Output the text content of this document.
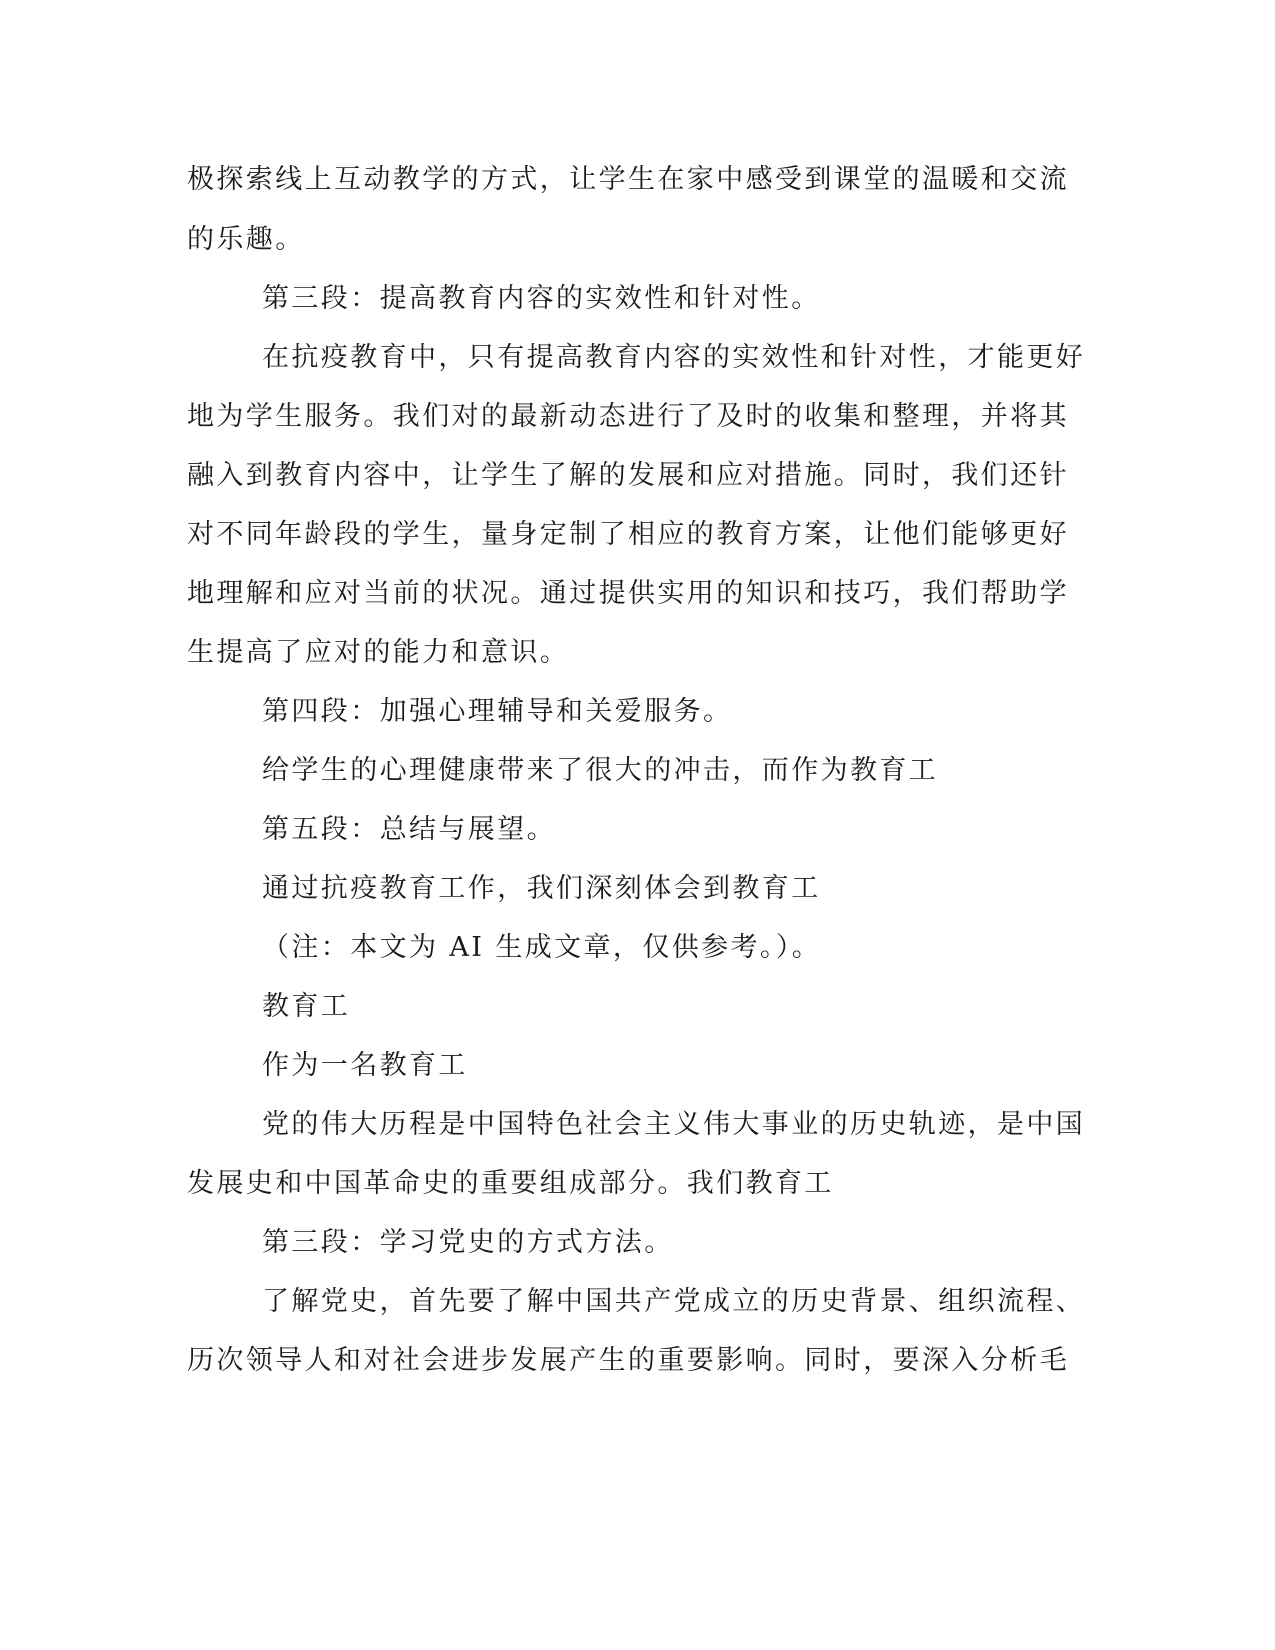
极探索线上互动教学的方式，让学生在家中感受到课堂的温暖和交流
的乐趣。
第三段：提高教育内容的实效性和针对性。
在抗疫教育中，只有提高教育内容的实效性和针对性，才能更好
地为学生服务。我们对的最新动态进行了及时的收集和整理，并将其
融入到教育内容中，让学生了解的发展和应对措施。同时，我们还针
对不同年龄段的学生，量身定制了相应的教育方案，让他们能够更好
地理解和应对当前的状况。通过提供实用的知识和技巧，我们帮助学
生提高了应对的能力和意识。
第四段：加强心理辅导和关爱服务。
给学生的心理健康带来了很大的冲击，而作为教育工
第五段：总结与展望。
通过抗疫教育工作，我们深刻体会到教育工
（注：本文为 AI 生成文章，仅供参考。）。
教育工
作为一名教育工
党的伟大历程是中国特色社会主义伟大事业的历史轨迹，是中国
发展史和中国革命史的重要组成部分。我们教育工
第三段：学习党史的方式方法。
了解党史，首先要了解中国共产党成立的历史背景、组织流程、
历次领导人和对社会进步发展产生的重要影响。同时，要深入分析毛
